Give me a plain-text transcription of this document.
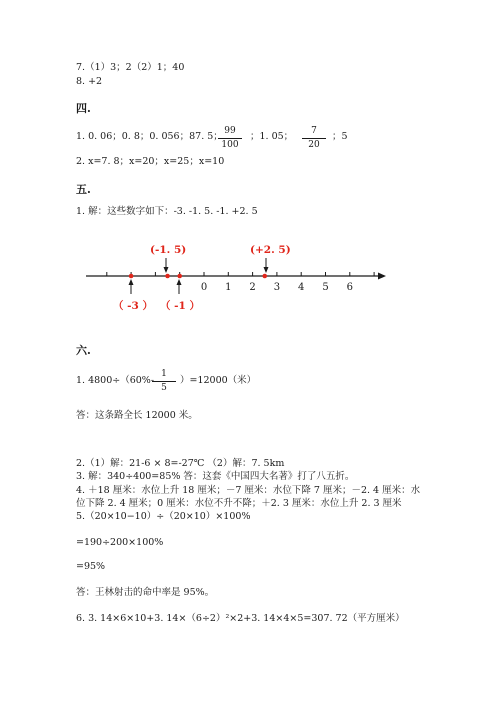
7.（1）3；2（2）1；40
8. +2
四.
1. 0. 06；0. 8；0. 056；87. 5； 99
100
；1. 05；	7
20
；5
2. x=7. 8；x=20；x=25；x=10
五.
1. 解：这些数字如下：-3. -1. 5. -1. +2. 5
0 1 2 3 4 5 6
(-1. 5)	(+2. 5)
（ -3 ） （ -1 ）
六.
1. 4800÷（60%-
1
5
）=12000（米）
答：这条路全长 12000 米。
2.（1）解：21-6 × 8=-27℃ （2）解：7. 5km
3. 解：340÷400=85% 答：这套《中国四大名著》打了八五折。
4. ＋18 厘米：水位上升 18 厘米；－7 厘米：水位下降 7 厘米；－2. 4 厘米：水
位下降 2. 4 厘米；0 厘米：水位不升不降；＋2. 3 厘米：水位上升 2. 3 厘米
5.（20×10−10）÷（20×10）×100%
=190÷200×100%
=95%
答：王林射击的命中率是 95%。
6. 3. 14×6×10+3. 14×（6÷2）²×2+3. 14×4×5=307. 72（平方厘米）
